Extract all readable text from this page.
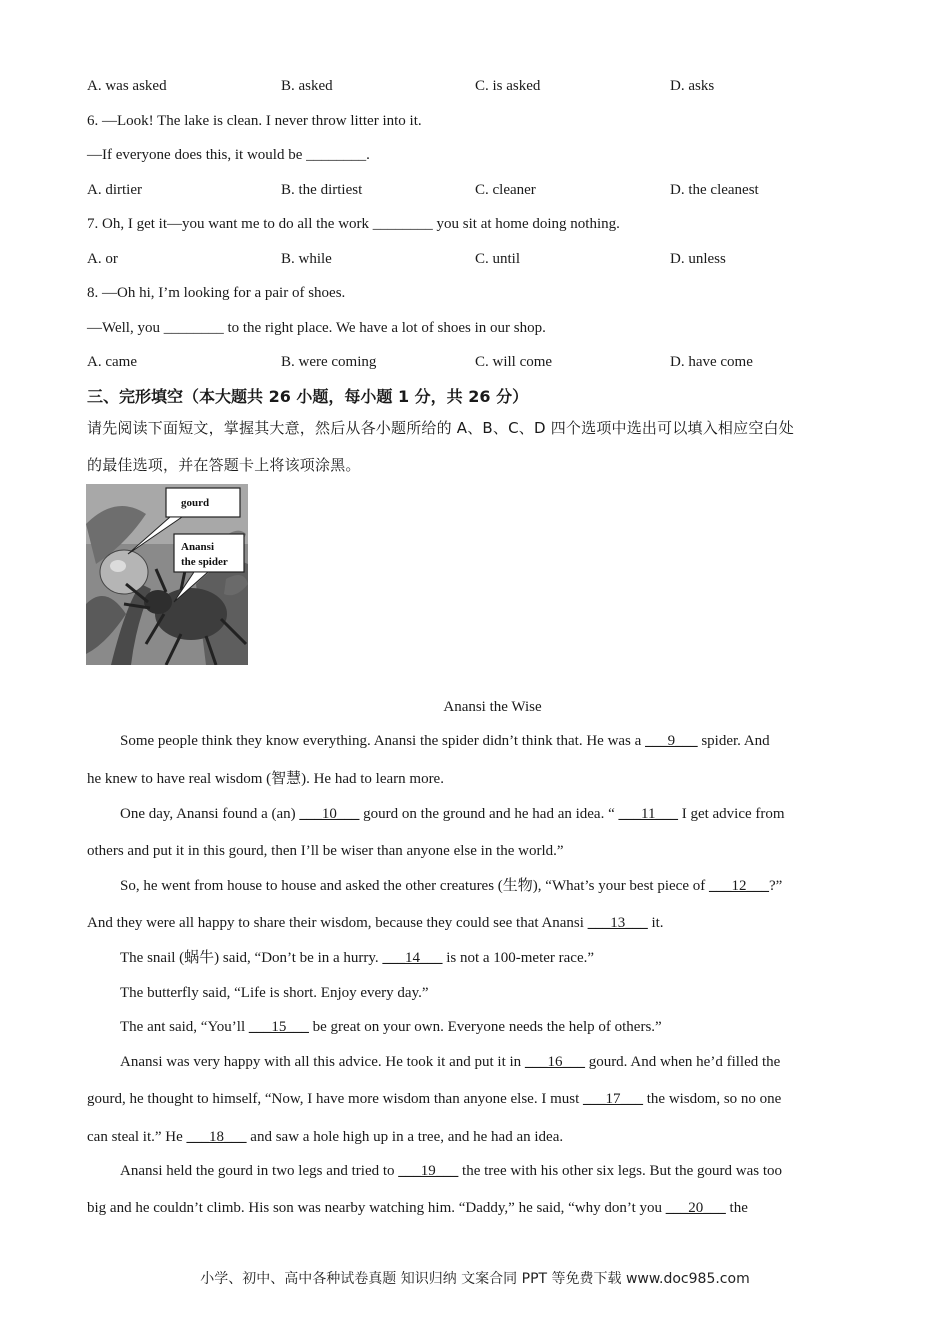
A. was asked	B. asked	C. is asked	D. asks
6. —Look! The lake is clean. I never throw litter into it.
—If everyone does this, it would be ________.
A. dirtier	B. the dirtiest	C. cleaner	D. the cleanest
7. Oh, I get it—you want me to do all the work ________ you sit at home doing nothing.
A. or	B. while	C. until	D. unless
8. —Oh hi, I’m looking for a pair of shoes.
—Well, you ________ to the right place. We have a lot of shoes in our shop.
A. came	B. were coming	C. will come	D. have come
三、完形填空（本大题共 26 小题，每小题 1 分，共 26 分）
请先阅读下面短文，掌握其大意，然后从各小题所给的 A、B、C、D 四个选项中选出可以填入相应空白处
的最佳选项，并在答题卡上将该项涂黑。
gourd
Anansi
the spider
Anansi the Wise
Some people think they know everything. Anansi the spider didn’t think that. He was a ___9___ spider. And
he knew to have real wisdom (智慧). He had to learn more.
One day, Anansi found a (an) ___10___ gourd on the ground and he had an idea. “ ___11___ I get advice from
others and put it in this gourd, then I’ll be wiser than anyone else in the world.”
So, he went from house to house and asked the other creatures (生物), “What’s your best piece of ___12___?”
And they were all happy to share their wisdom, because they could see that Anansi ___13___ it.
The snail (蜗牛) said, “Don’t be in a hurry. ___14___ is not a 100-meter race.”
The butterfly said, “Life is short. Enjoy every day.”
The ant said, “You’ll ___15___ be great on your own. Everyone needs the help of others.”
Anansi was very happy with all this advice. He took it and put it in ___16___ gourd. And when he’d filled the
gourd, he thought to himself, “Now, I have more wisdom than anyone else. I must ___17___ the wisdom, so no one
can steal it.” He ___18___ and saw a hole high up in a tree, and he had an idea.
Anansi held the gourd in two legs and tried to ___19___ the tree with his other six legs. But the gourd was too
big and he couldn’t climb. His son was nearby watching him. “Daddy,” he said, “why don’t you ___20___ the
小学、初中、高中各种试卷真题 知识归纳 文案合同 PPT 等免费下载 www.doc985.com
